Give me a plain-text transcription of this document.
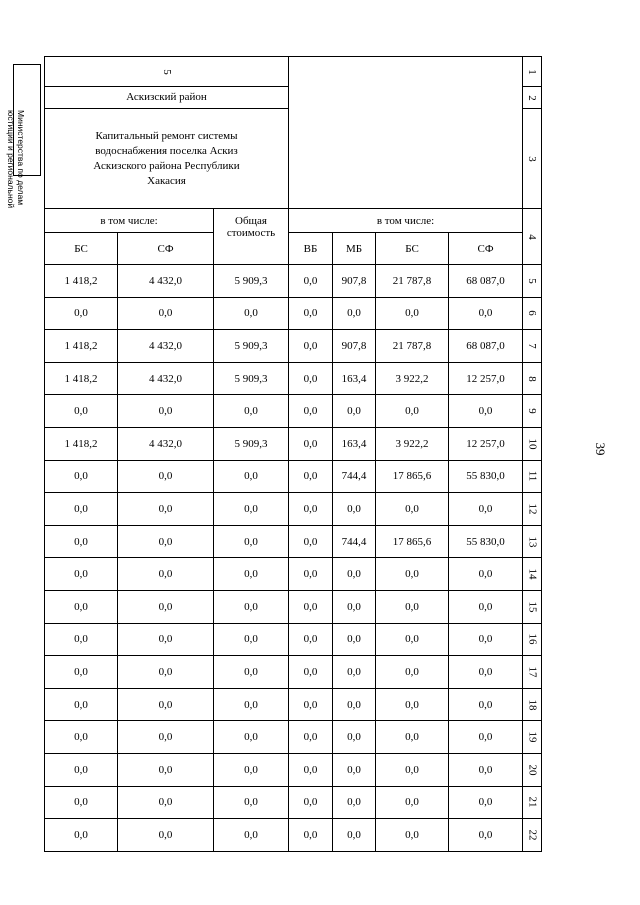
Министерства по делам
юстиции и региональной
39
5							1
Аскизский район							2
Капитальный ремонт системы водоснабжения поселка Аскиз Аскизского района Республики Хакасия							3
в том числе:		Общая стоимость	в том числе:				4
БС	СФ		ВБ	МБ	БС	СФ	
1 418,2	4 432,0	5 909,3	0,0	907,8	21 787,8	68 087,0	5
0,0	0,0	0,0	0,0	0,0	0,0	0,0	6
1 418,2	4 432,0	5 909,3	0,0	907,8	21 787,8	68 087,0	7
1 418,2	4 432,0	5 909,3	0,0	163,4	3 922,2	12 257,0	8
0,0	0,0	0,0	0,0	0,0	0,0	0,0	9
1 418,2	4 432,0	5 909,3	0,0	163,4	3 922,2	12 257,0	10
0,0	0,0	0,0	0,0	744,4	17 865,6	55 830,0	11
0,0	0,0	0,0	0,0	0,0	0,0	0,0	12
0,0	0,0	0,0	0,0	744,4	17 865,6	55 830,0	13
0,0	0,0	0,0	0,0	0,0	0,0	0,0	14
0,0	0,0	0,0	0,0	0,0	0,0	0,0	15
0,0	0,0	0,0	0,0	0,0	0,0	0,0	16
0,0	0,0	0,0	0,0	0,0	0,0	0,0	17
0,0	0,0	0,0	0,0	0,0	0,0	0,0	18
0,0	0,0	0,0	0,0	0,0	0,0	0,0	19
0,0	0,0	0,0	0,0	0,0	0,0	0,0	20
0,0	0,0	0,0	0,0	0,0	0,0	0,0	21
0,0	0,0	0,0	0,0	0,0	0,0	0,0	22
